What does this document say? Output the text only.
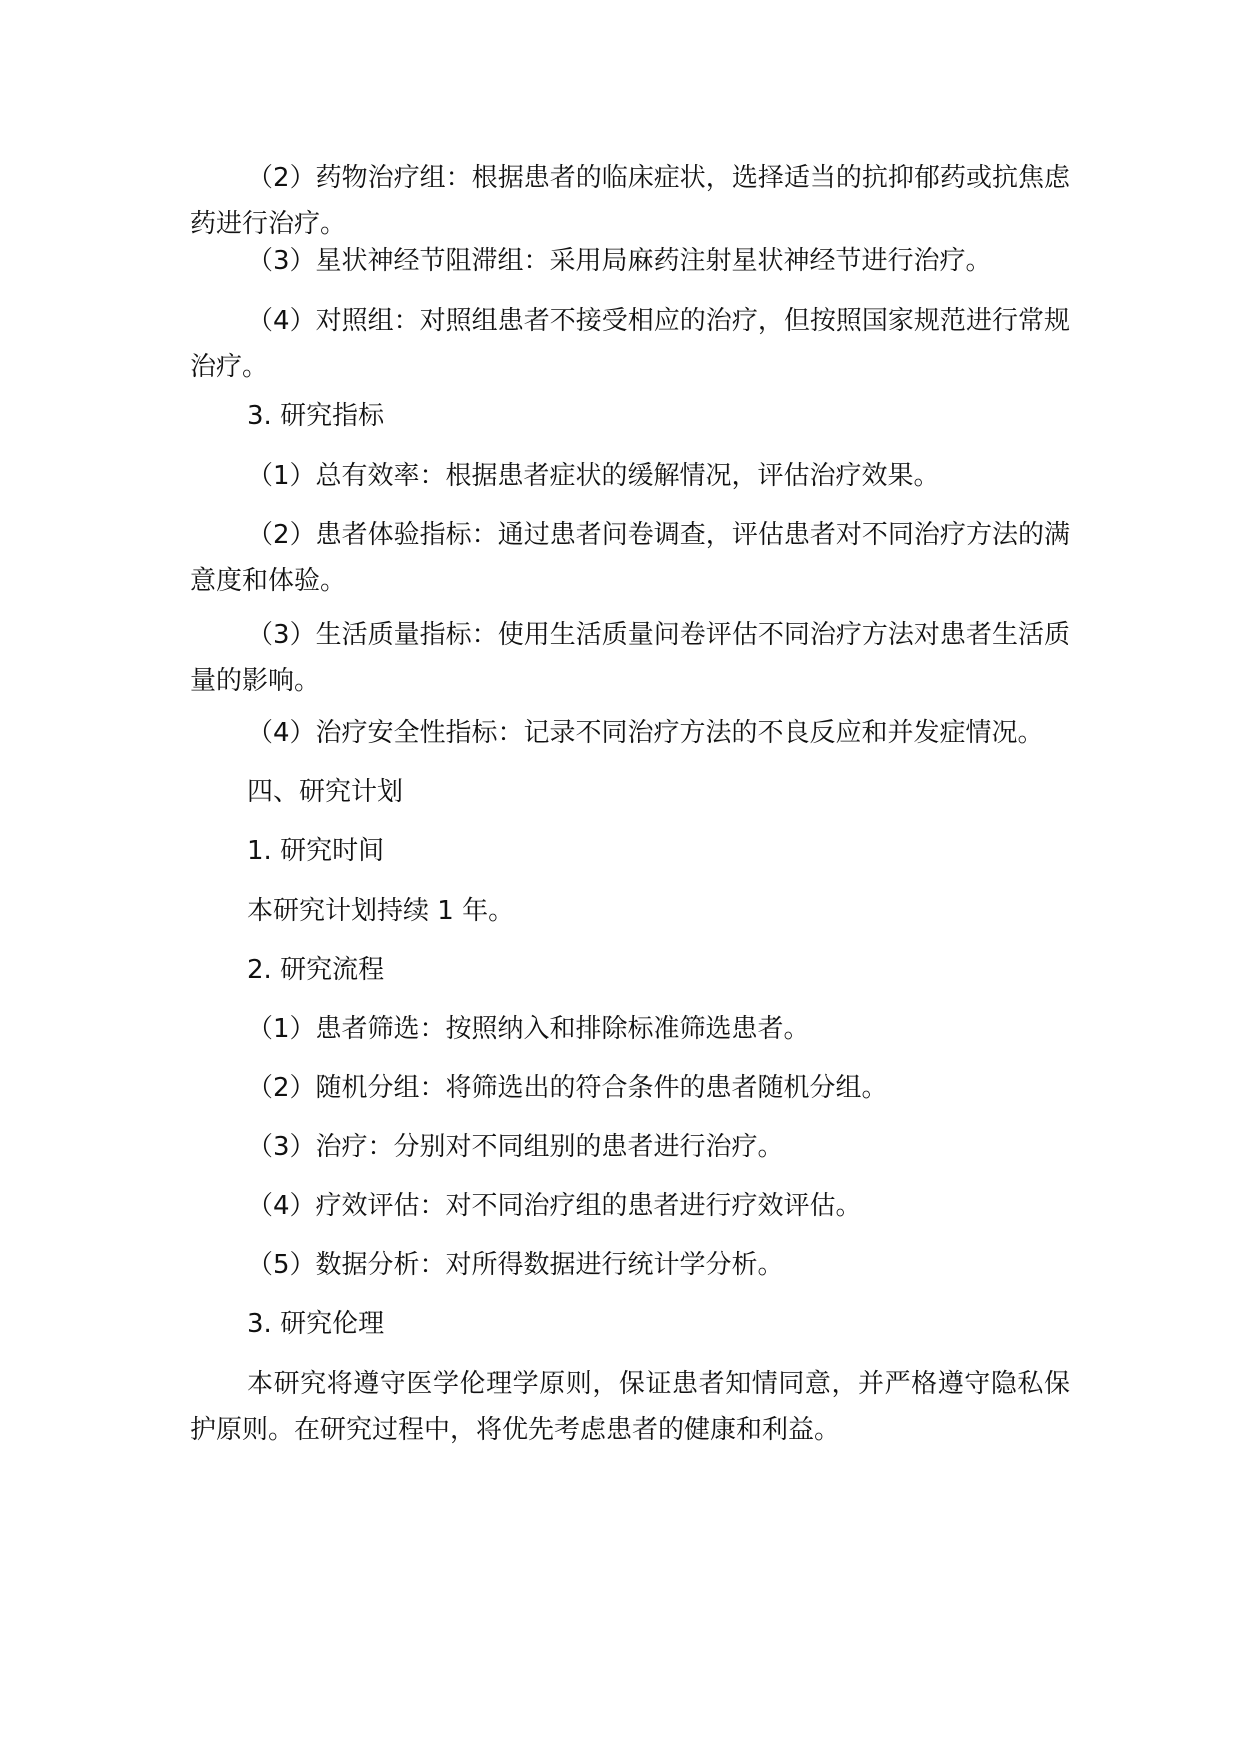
（2）药物治疗组：根据患者的临床症状，选择适当的抗抑郁药或抗焦虑药进行治疗。

（3）星状神经节阻滞组：采用局麻药注射星状神经节进行治疗。

（4）对照组：对照组患者不接受相应的治疗，但按照国家规范进行常规治疗。

3. 研究指标

（1）总有效率：根据患者症状的缓解情况，评估治疗效果。

（2）患者体验指标：通过患者问卷调查，评估患者对不同治疗方法的满意度和体验。

（3）生活质量指标：使用生活质量问卷评估不同治疗方法对患者生活质量的影响。

（4）治疗安全性指标：记录不同治疗方法的不良反应和并发症情况。

四、研究计划

1. 研究时间

本研究计划持续 1 年。

2. 研究流程

（1）患者筛选：按照纳入和排除标准筛选患者。

（2）随机分组：将筛选出的符合条件的患者随机分组。

（3）治疗：分别对不同组别的患者进行治疗。

（4）疗效评估：对不同治疗组的患者进行疗效评估。

（5）数据分析：对所得数据进行统计学分析。

3. 研究伦理

本研究将遵守医学伦理学原则，保证患者知情同意，并严格遵守隐私保护原则。在研究过程中，将优先考虑患者的健康和利益。
